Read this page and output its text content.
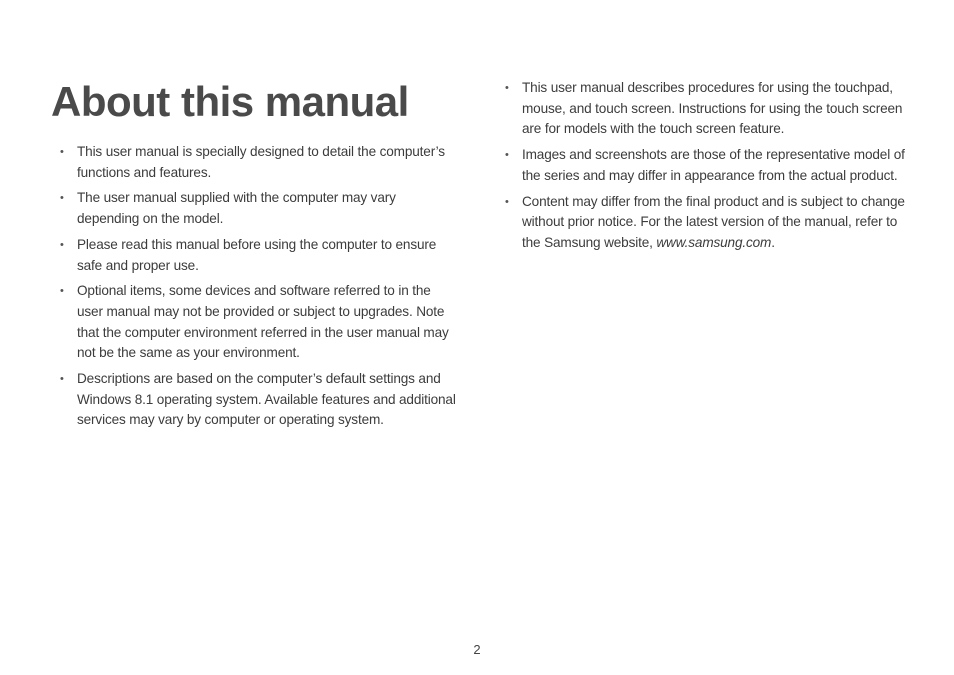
About this manual
• This user manual is specially designed to detail the computer’s functions and features.
• The user manual supplied with the computer may vary depending on the model.
• Please read this manual before using the computer to ensure safe and proper use.
• Optional items, some devices and software referred to in the user manual may not be provided or subject to upgrades. Note that the computer environment referred in the user manual may not be the same as your environment.
• Descriptions are based on the computer’s default settings and Windows 8.1 operating system. Available features and additional services may vary by computer or operating system.
• This user manual describes procedures for using the touchpad, mouse, and touch screen. Instructions for using the touch screen are for models with the touch screen feature.
• Images and screenshots are those of the representative model of the series and may differ in appearance from the actual product.
• Content may differ from the final product and is subject to change without prior notice. For the latest version of the manual, refer to the Samsung website, www.samsung.com.
2
